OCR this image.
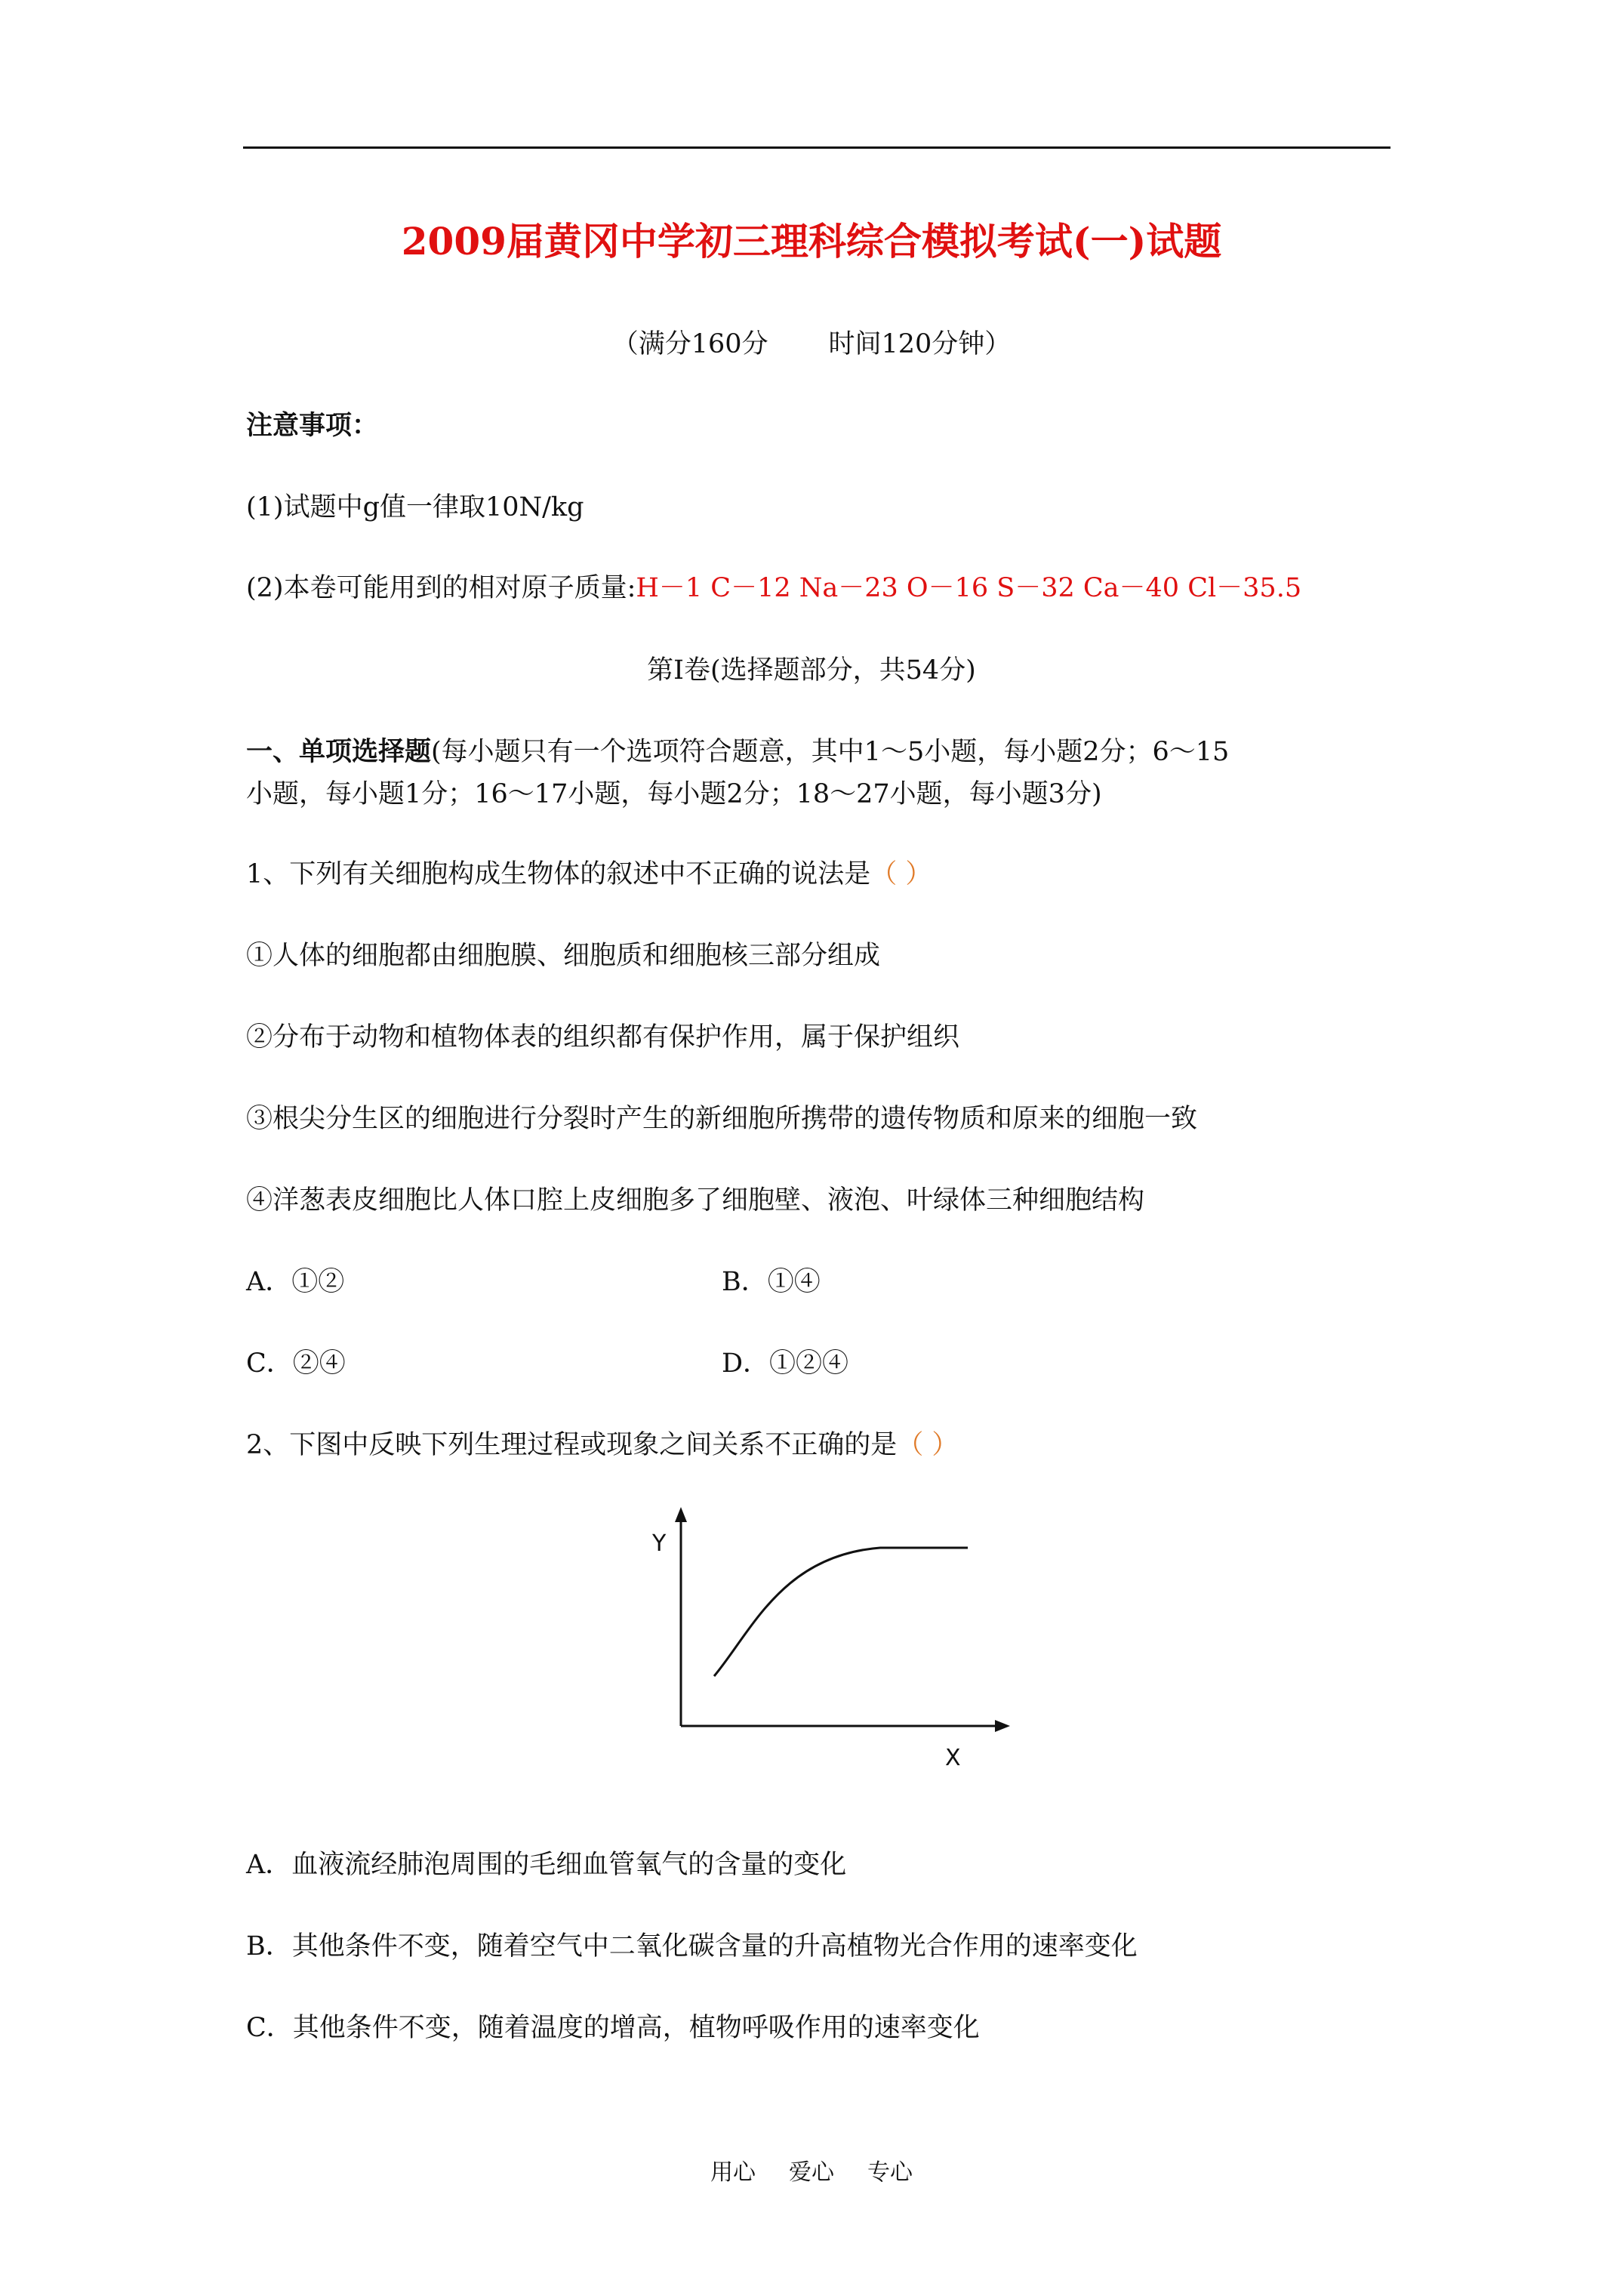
2009届黄冈中学初三理科综合模拟考试(一)试题
（满分160分 时间120分钟）
注意事项：
(1)试题中g值一律取10N/kg
(2)本卷可能用到的相对原子质量:H－1 C－12 Na－23 O－16 S－32 Ca－40 Cl－35.5
第Ⅰ卷(选择题部分，共54分)
一、单项选择题(每小题只有一个选项符合题意，其中1～5小题，每小题2分；6～15
小题，每小题1分；16～17小题，每小题2分；18～27小题，每小题3分)
1、下列有关细胞构成生物体的叙述中不正确的说法是（ ）
①人体的细胞都由细胞膜、细胞质和细胞核三部分组成
②分布于动物和植物体表的组织都有保护作用，属于保护组织
③根尖分生区的细胞进行分裂时产生的新细胞所携带的遗传物质和原来的细胞一致
④洋葱表皮细胞比人体口腔上皮细胞多了细胞壁、液泡、叶绿体三种细胞结构
A．①②	B．①④
C．②④	D．①②④
2、下图中反映下列生理过程或现象之间关系不正确的是（ ）
Y
X
A．血液流经肺泡周围的毛细血管氧气的含量的变化
B．其他条件不变，随着空气中二氧化碳含量的升高植物光合作用的速率变化
C．其他条件不变，随着温度的增高，植物呼吸作用的速率变化
用心 爱心 专心
